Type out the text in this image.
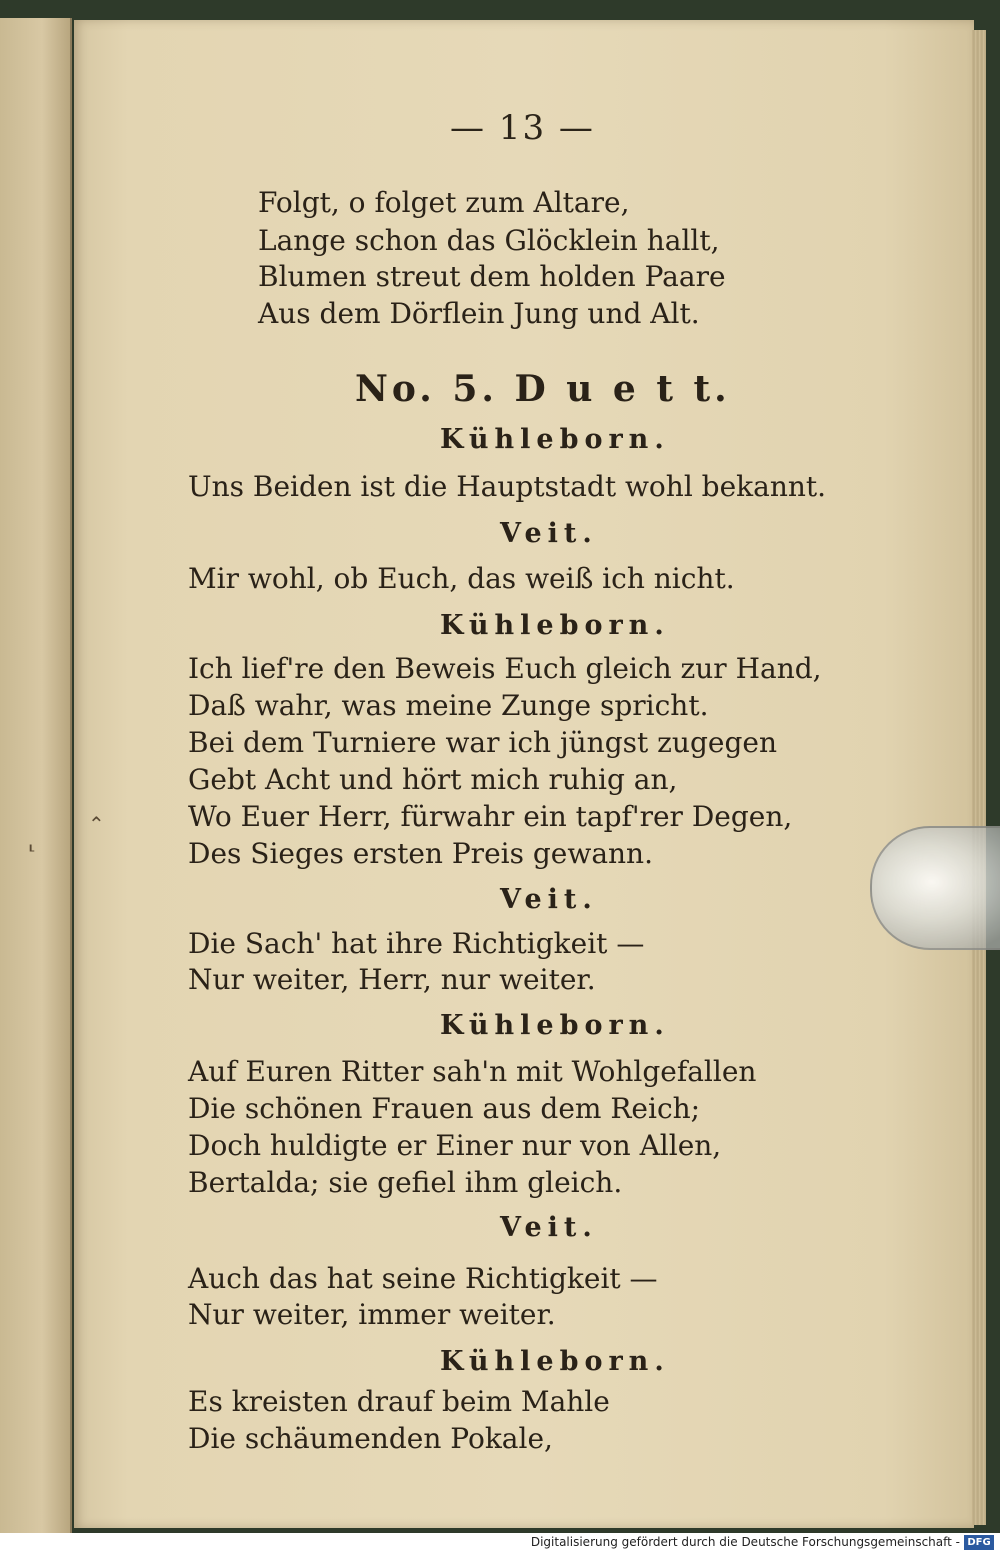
⸤
⌃
— 13 —
Folgt, o folget zum Altare,
Lange schon das Glöcklein hallt,
Blumen streut dem holden Paare
Aus dem Dörflein Jung und Alt.
No. 5. D u e t t.
Kühleborn.
Uns Beiden ist die Hauptstadt wohl bekannt.
Veit.
Mir wohl, ob Euch, das weiß ich nicht.
Kühleborn.
Ich lief're den Beweis Euch gleich zur Hand,
Daß wahr, was meine Zunge spricht.
Bei dem Turniere war ich jüngst zugegen
Gebt Acht und hört mich ruhig an,
Wo Euer Herr, fürwahr ein tapf'rer Degen,
Des Sieges ersten Preis gewann.
Veit.
Die Sach' hat ihre Richtigkeit —
Nur weiter, Herr, nur weiter.
Kühleborn.
Auf Euren Ritter sah'n mit Wohlgefallen
Die schönen Frauen aus dem Reich;
Doch huldigte er Einer nur von Allen,
Bertalda; sie gefiel ihm gleich.
Veit.
Auch das hat seine Richtigkeit —
Nur weiter, immer weiter.
Kühleborn.
Es kreisten drauf beim Mahle
Die schäumenden Pokale,
Digitalisierung gefördert durch die Deutsche Forschungsgemeinschaft - DFG
